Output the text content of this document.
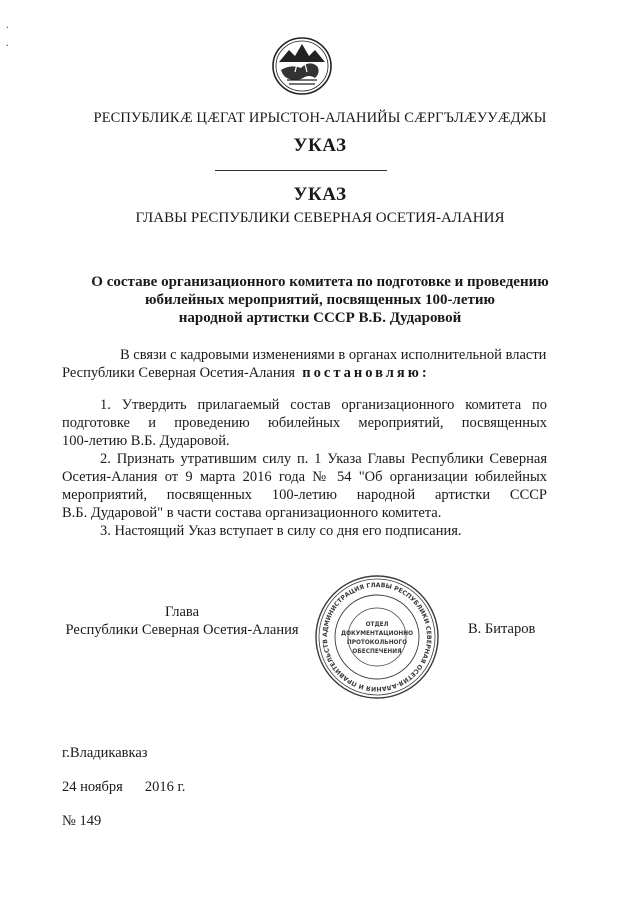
.
.
РЕСПУБЛИКӔ ЦӔГАТ ИРЫСТОН-АЛАНИЙЫ СӔРГЪЛӔУУӔДЖЫ
УКАЗ
УКАЗ
ГЛАВЫ РЕСПУБЛИКИ СЕВЕРНАЯ ОСЕТИЯ-АЛАНИЯ
О составе организационного комитета по подготовке и проведению
юбилейных мероприятий, посвященных 100-летию
народной артистки СССР В.Б. Дударовой
В связи с кадровыми изменениями в органах исполнительной власти
Республики Северная Осетия-Алания постановляю:
1. Утвердить прилагаемый состав организационного комитета по
подготовке и проведению юбилейных мероприятий, посвященных
100-летию В.Б. Дударовой.
2. Признать утратившим силу п. 1 Указа Главы Республики Северная
Осетия-Алания от 9 марта 2016 года № 54 "Об организации юбилейных
мероприятий, посвященных 100-летию народной артистки СССР
В.Б. Дударовой" в части состава организационного комитета.
3. Настоящий Указ вступает в силу со дня его подписания.
Глава
Республики Северная Осетия-Алания	АДМИНИСТРАЦИЯ ГЛАВЫ РЕСПУБЛИКИ СЕВЕРНАЯ ОСЕТИЯ-АЛАНИЯ И ПРАВИТЕЛЬСТВ
ОТДЕЛ
ДОКУМЕНТАЦИОННО
ПРОТОКОЛЬНОГО
ОБЕСПЕЧЕНИЯ
В. Битаров
г.Владикавказ
24 ноября 2016 г.
№ 149
